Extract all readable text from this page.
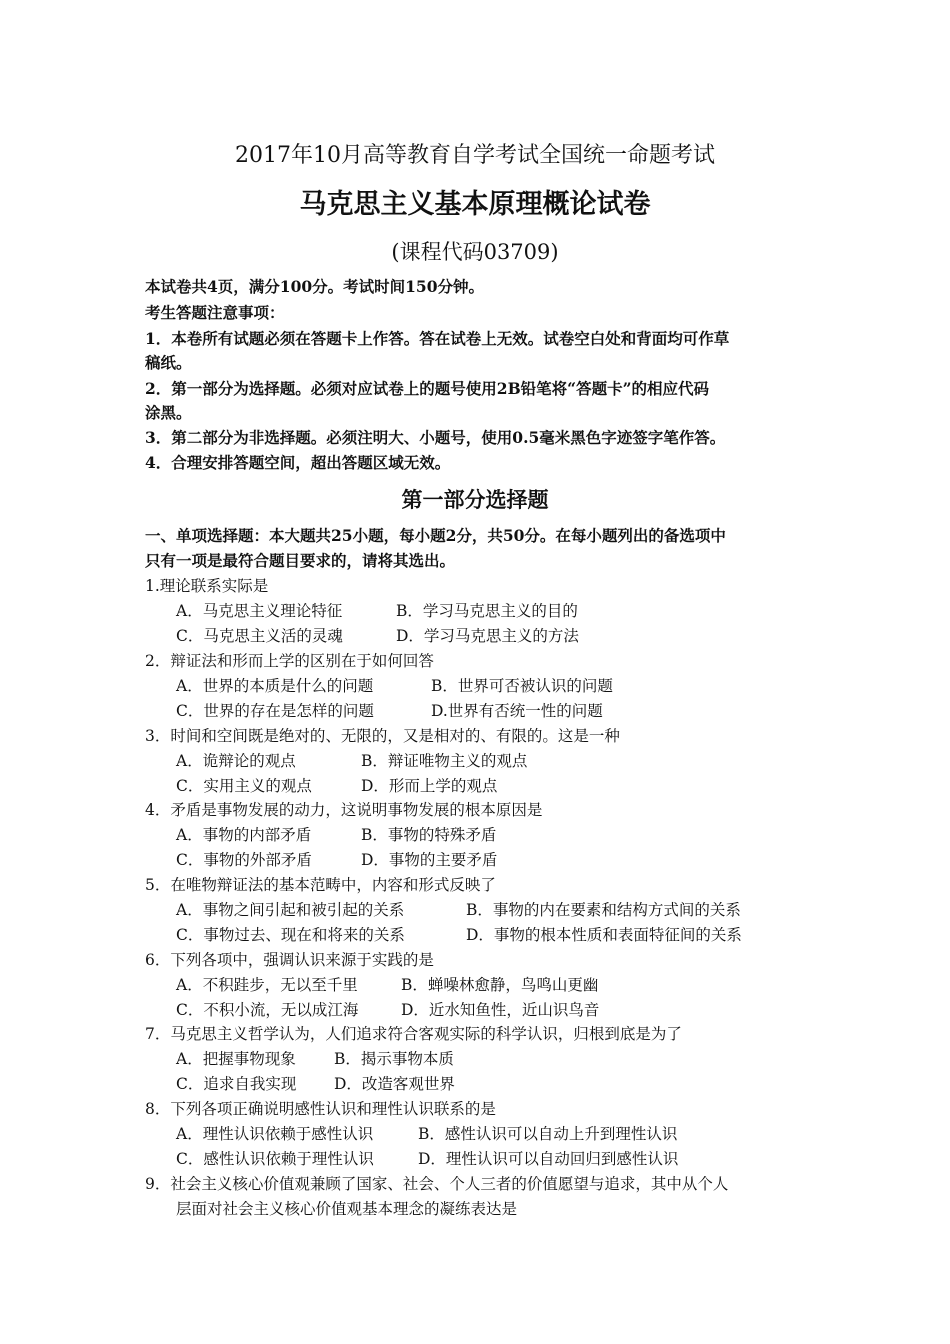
2017年10月高等教育自学考试全国统一命题考试
马克思主义基本原理概论试卷
(课程代码03709)
本试卷共4页，满分100分。考试时间150分钟。
考生答题注意事项：
1．本卷所有试题必须在答题卡上作答。答在试卷上无效。试卷空白处和背面均可作草
稿纸。
2．第一部分为选择题。必须对应试卷上的题号使用2B铅笔将“答题卡”的相应代码
涂黑。
3．第二部分为非选择题。必须注明大、小题号，使用0.5毫米黑色字迹签字笔作答。
4．合理安排答题空间，超出答题区域无效。
第一部分选择题
一、单项选择题：本大题共25小题，每小题2分，共50分。在每小题列出的备选项中
只有一项是最符合题目要求的，请将其选出。
1.理论联系实际是
A．马克思主义理论特征	B．学习马克思主义的目的
C．马克思主义活的灵魂	D．学习马克思主义的方法
2．辩证法和形而上学的区别在于如何回答
A．世界的本质是什么的问题	B．世界可否被认识的问题
C．世界的存在是怎样的问题	D.世界有否统一性的问题
3．时间和空间既是绝对的、无限的，又是相对的、有限的。这是一种
A．诡辩论的观点	B．辩证唯物主义的观点
C．实用主义的观点	D．形而上学的观点
4．矛盾是事物发展的动力，这说明事物发展的根本原因是
A．事物的内部矛盾	B．事物的特殊矛盾
C．事物的外部矛盾	D．事物的主要矛盾
5．在唯物辩证法的基本范畴中，内容和形式反映了
A．事物之间引起和被引起的关系	B．事物的内在要素和结构方式间的关系
C．事物过去、现在和将来的关系	D．事物的根本性质和表面特征间的关系
6．下列各项中，强调认识来源于实践的是
A．不积跬步，无以至千里	B．蝉噪林愈静，鸟鸣山更幽
C．不积小流，无以成江海	D．近水知鱼性，近山识鸟音
7．马克思主义哲学认为，人们追求符合客观实际的科学认识，归根到底是为了
A．把握事物现象 B．揭示事物本质
C．追求自我实现 D．改造客观世界
8．下列各项正确说明感性认识和理性认识联系的是
A．理性认识依赖于感性认识	B．感性认识可以自动上升到理性认识
C．感性认识依赖于理性认识	D．理性认识可以自动回归到感性认识
9．社会主义核心价值观兼顾了国家、社会、个人三者的价值愿望与追求，其中从个人
层面对社会主义核心价值观基本理念的凝练表达是
